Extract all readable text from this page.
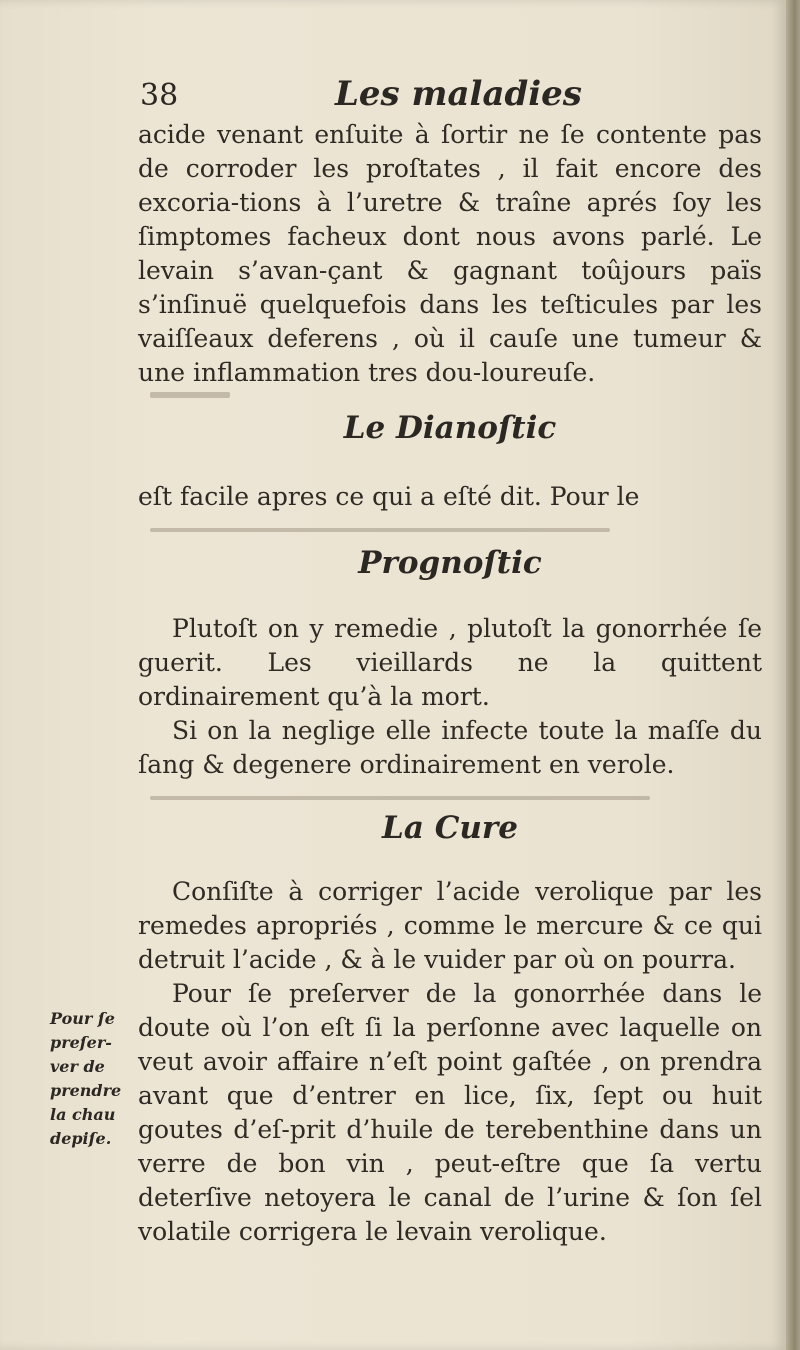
38	Les maladies

acide venant enſuite à ſortir ne ſe contente pas de corroder les proſtates , il fait encore des excoria-tions à l’uretre & traîne aprés ſoy les ſimptomes facheux dont nous avons parlé. Le levain s’avan-çant & gagnant toûjours païs s’inſinuë quelquefois dans les teſticules par les vaiſſeaux deferens , où il cauſe une tumeur & une inflammation tres dou-loureuſe.

Le Dianoſtic

eſt facile apres ce qui a eſté dit. Pour le

Prognoſtic

Plutoſt on y remedie , plutoſt la gonorrhée ſe guerit. Les vieillards ne la quittent ordinairement qu’à la mort.

Si on la neglige elle infecte toute la maſſe du ſang & degenere ordinairement en verole.

La Cure

Conſiſte à corriger l’acide verolique par les remedes apropriés , comme le mercure & ce qui detruit l’acide , & à le vuider par où on pourra.

Pour ſe preſerver de la gonorrhée dans le doute où l’on eſt ſi la perſonne avec laquelle on veut avoir affaire n’eſt point gaſtée , on prendra avant que d’entrer en lice, ſix, ſept ou huit goutes d’eſ-prit d’huile de terebenthine dans un verre de bon vin , peut-eſtre que ſa vertu deterſive netoyera le canal de l’urine & ſon ſel volatile corrigera le levain verolique.

Pour ſe
preſer-
ver de
prendre
la chau
depiſe.
